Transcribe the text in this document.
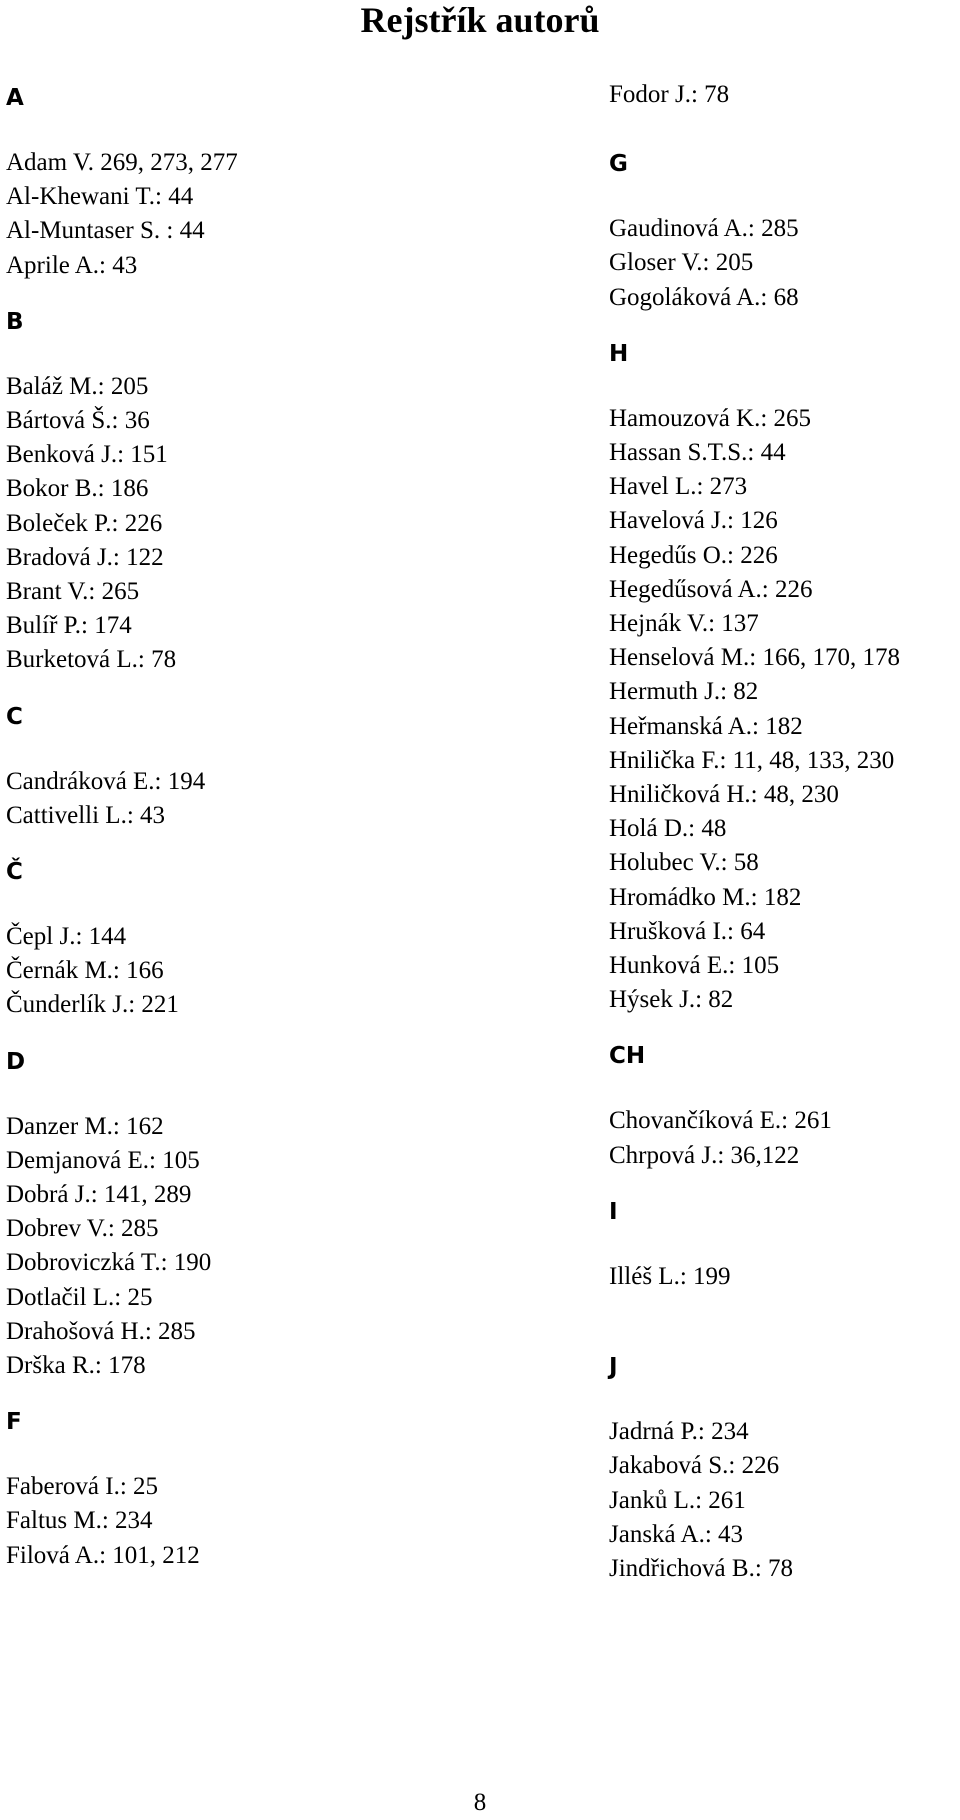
Rejstřík autorů
A
Adam V. 269, 273, 277
Al-Khewani T.: 44
Al-Muntaser S. : 44
Aprile A.: 43
B
Baláž M.: 205
Bártová Š.: 36
Benková J.: 151
Bokor B.: 186
Boleček P.: 226
Bradová J.: 122
Brant V.: 265
Bulíř P.: 174
Burketová L.: 78
C
Candráková E.: 194
Cattivelli L.: 43
Č
Čepl J.: 144
Černák M.: 166
Čunderlík J.: 221
D
Danzer M.: 162
Demjanová E.: 105
Dobrá J.: 141, 289
Dobrev V.: 285
Dobroviczká T.: 190
Dotlačil L.: 25
Drahošová H.: 285
Drška R.: 178
F
Faberová I.: 25
Faltus M.: 234
Filová A.: 101, 212
Fodor J.: 78
G
Gaudinová A.: 285
Gloser V.: 205
Gogoláková A.: 68
H
Hamouzová K.: 265
Hassan S.T.S.: 44
Havel L.: 273
Havelová J.: 126
Hegedűs O.: 226
Hegedűsová A.: 226
Hejnák V.: 137
Henselová M.: 166, 170, 178
Hermuth J.: 82
Heřmanská A.: 182
Hnilička F.: 11, 48, 133, 230
Hniličková H.: 48, 230
Holá D.: 48
Holubec V.: 58
Hromádko M.: 182
Hrušková I.: 64
Hunková E.: 105
Hýsek J.: 82
CH
Chovančíková E.: 261
Chrpová J.: 36,122
I
Illéš L.: 199

J
Jadrná P.: 234
Jakabová S.: 226
Janků L.: 261
Janská A.: 43
Jindřichová B.: 78
8
